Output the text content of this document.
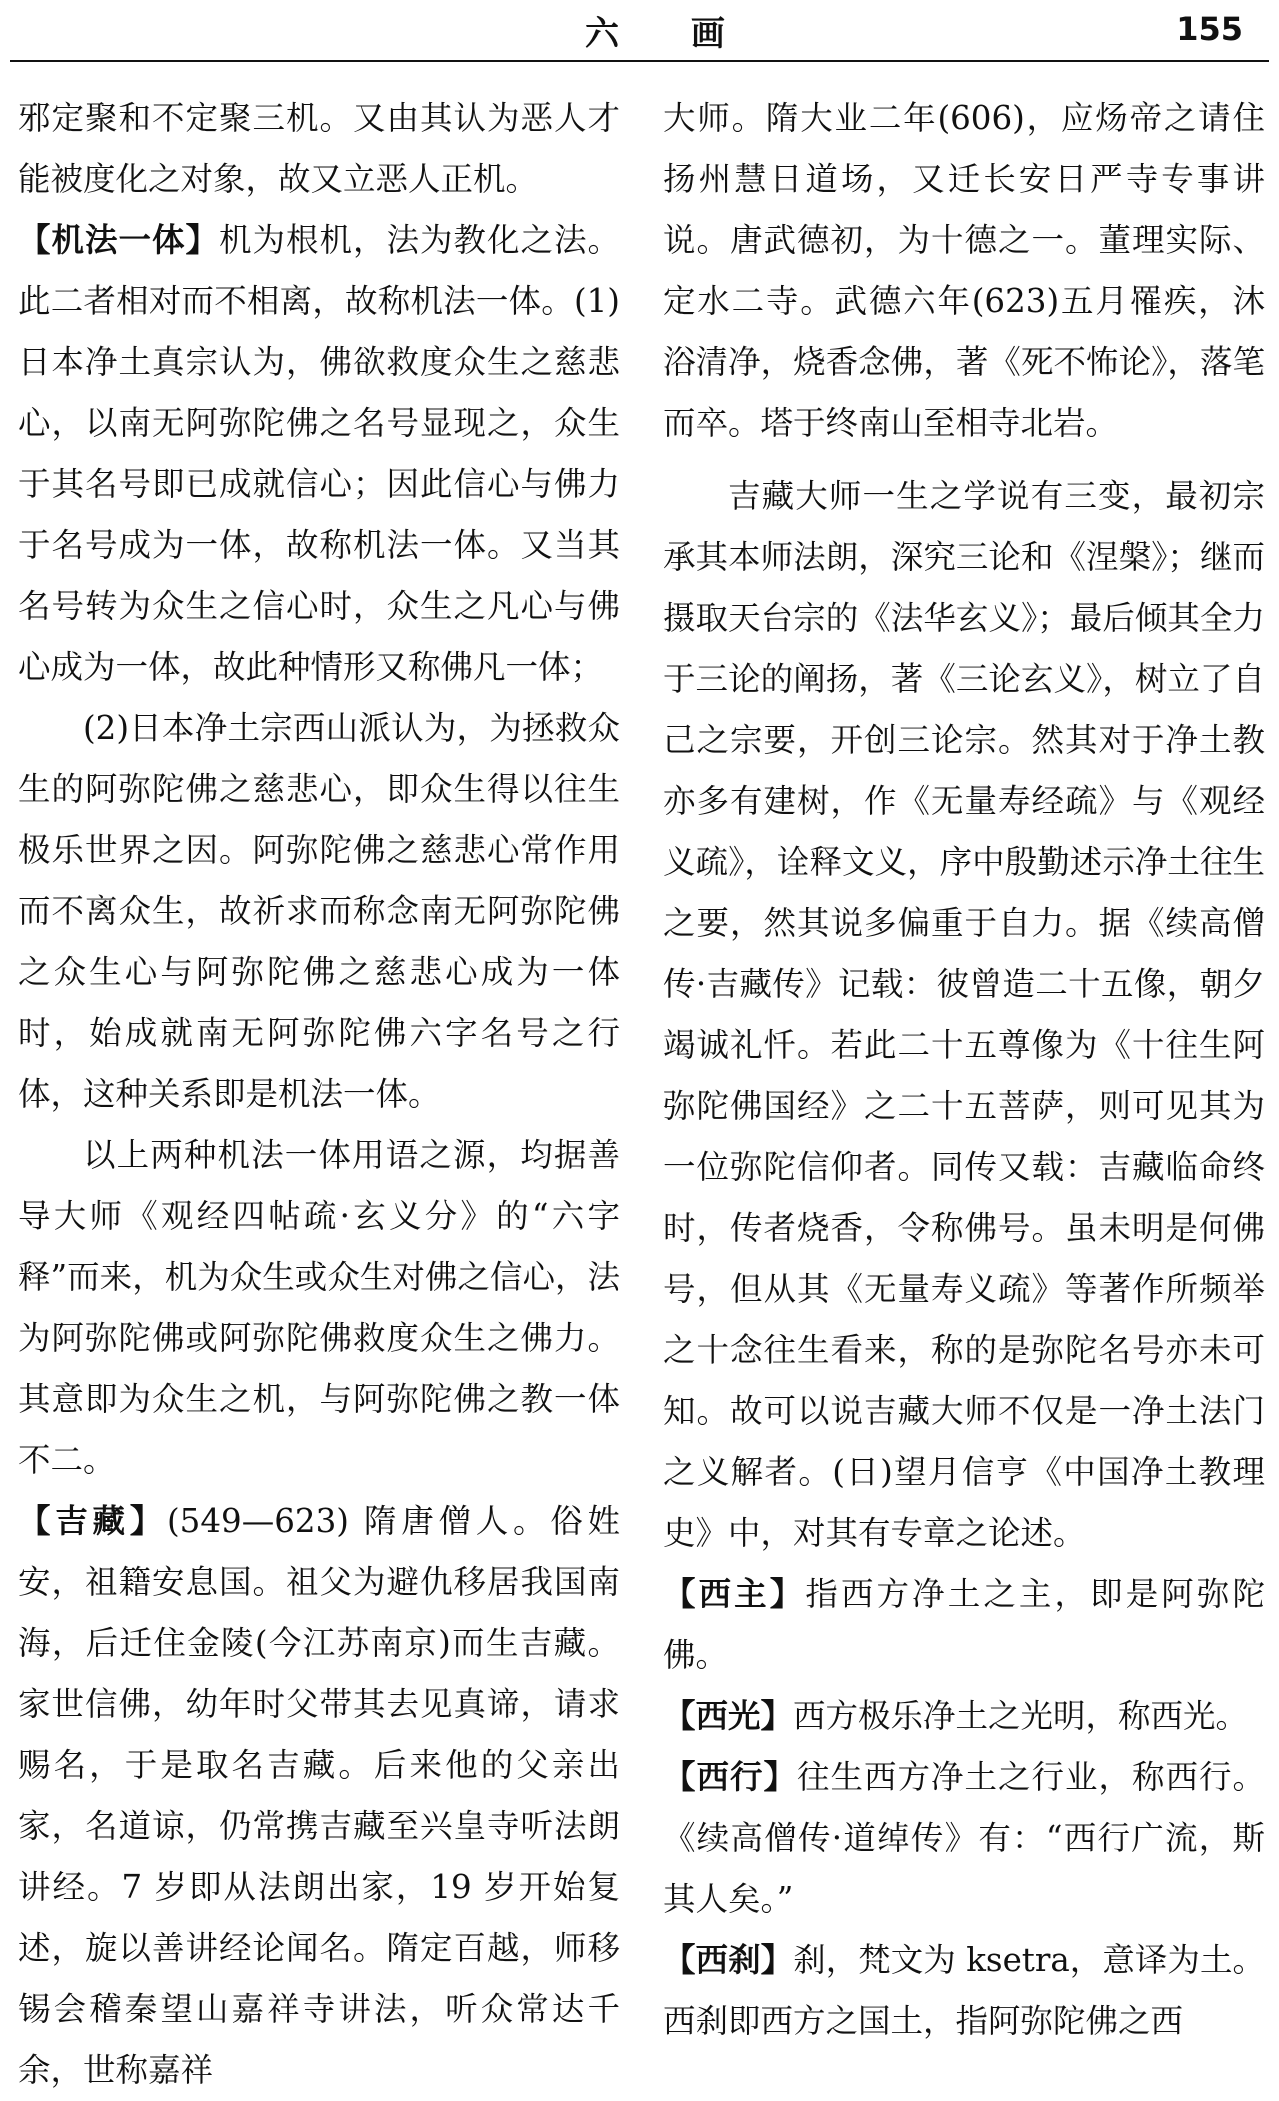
六 画	155

邪定聚和不定聚三机。又由其认为恶人才能被度化之对象，故又立恶人正机。

【机法一体】机为根机，法为教化之法。此二者相对而不相离，故称机法一体。(1)日本净土真宗认为，佛欲救度众生之慈悲心，以南无阿弥陀佛之名号显现之，众生于其名号即已成就信心；因此信心与佛力于名号成为一体，故称机法一体。又当其名号转为众生之信心时，众生之凡心与佛心成为一体，故此种情形又称佛凡一体；

(2)日本净土宗西山派认为，为拯救众生的阿弥陀佛之慈悲心，即众生得以往生极乐世界之因。阿弥陀佛之慈悲心常作用而不离众生，故祈求而称念南无阿弥陀佛之众生心与阿弥陀佛之慈悲心成为一体时，始成就南无阿弥陀佛六字名号之行体，这种关系即是机法一体。

以上两种机法一体用语之源，均据善导大师《观经四帖疏·玄义分》的“六字释”而来，机为众生或众生对佛之信心，法为阿弥陀佛或阿弥陀佛救度众生之佛力。其意即为众生之机，与阿弥陀佛之教一体不二。

【吉藏】(549—623) 隋唐僧人。俗姓安，祖籍安息国。祖父为避仇移居我国南海，后迁住金陵(今江苏南京)而生吉藏。家世信佛，幼年时父带其去见真谛，请求赐名，于是取名吉藏。后来他的父亲出家，名道谅，仍常携吉藏至兴皇寺听法朗讲经。7 岁即从法朗出家，19 岁开始复述，旋以善讲经论闻名。隋定百越，师移锡会稽秦望山嘉祥寺讲法，听众常达千余，世称嘉祥

大师。隋大业二年(606)，应炀帝之请住扬州慧日道场，又迁长安日严寺专事讲说。唐武德初，为十德之一。董理实际、定水二寺。武德六年(623)五月罹疾，沐浴清净，烧香念佛，著《死不怖论》，落笔而卒。塔于终南山至相寺北岩。

吉藏大师一生之学说有三变，最初宗承其本师法朗，深究三论和《涅槃》；继而摄取天台宗的《法华玄义》；最后倾其全力于三论的阐扬，著《三论玄义》，树立了自己之宗要，开创三论宗。然其对于净土教亦多有建树，作《无量寿经疏》与《观经义疏》，诠释文义，序中殷勤述示净土往生之要，然其说多偏重于自力。据《续高僧传·吉藏传》记载：彼曾造二十五像，朝夕竭诚礼忏。若此二十五尊像为《十往生阿弥陀佛国经》之二十五菩萨，则可见其为一位弥陀信仰者。同传又载：吉藏临命终时，传者烧香，令称佛号。虽未明是何佛号，但从其《无量寿义疏》等著作所频举之十念往生看来，称的是弥陀名号亦未可知。故可以说吉藏大师不仅是一净土法门之义解者。(日)望月信亨《中国净土教理史》中，对其有专章之论述。

【西主】指西方净土之主，即是阿弥陀佛。

【西光】西方极乐净土之光明，称西光。

【西行】往生西方净土之行业，称西行。《续高僧传·道绰传》有：“西行广流，斯其人矣。”

【西刹】刹，梵文为 ksetra，意译为土。西刹即西方之国土，指阿弥陀佛之西
